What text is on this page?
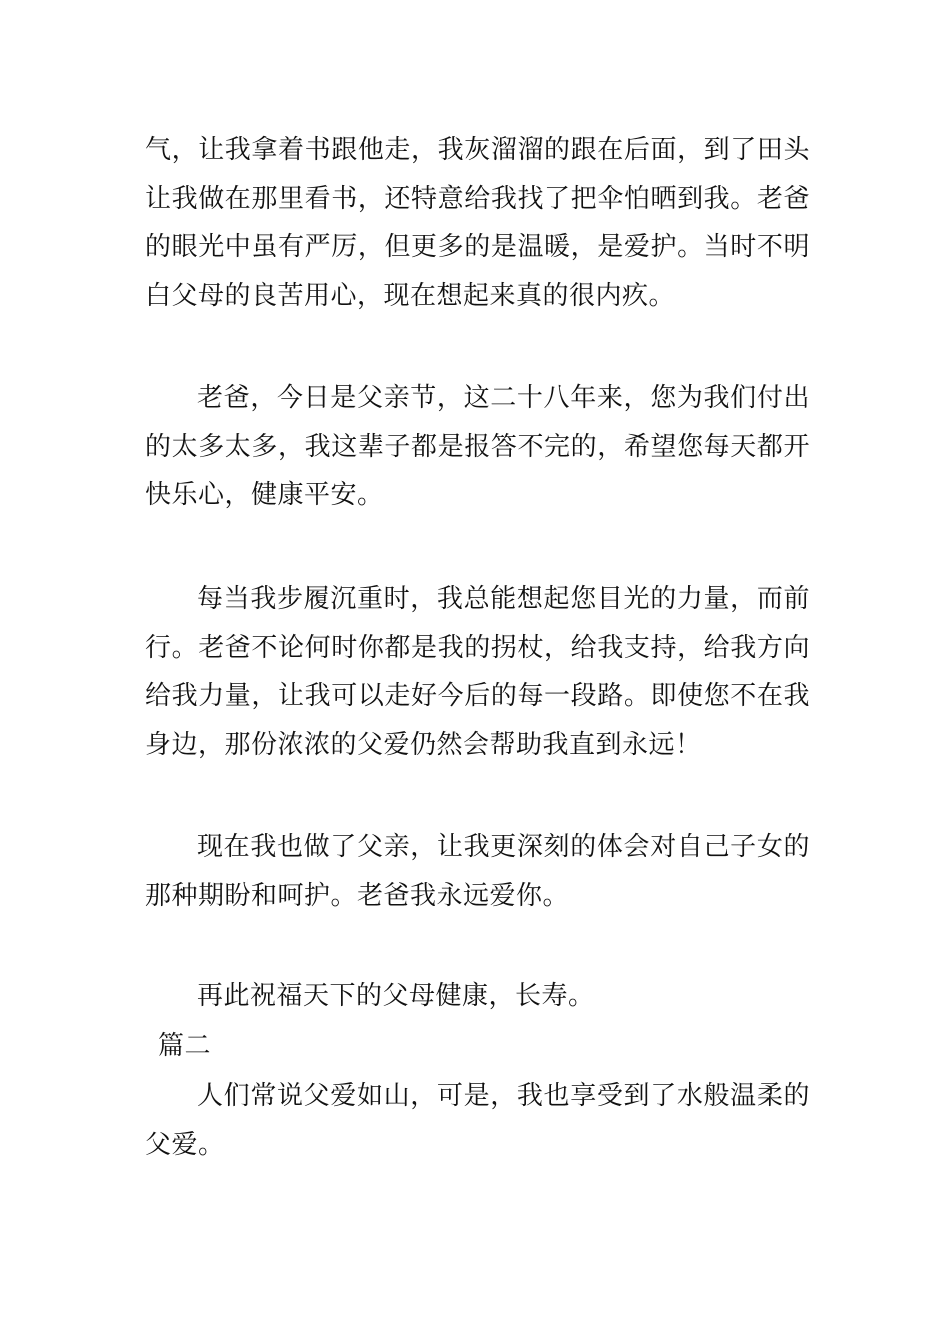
气，让我拿着书跟他走，我灰溜溜的跟在后面，到了田头让我做在那里看书，还特意给我找了把伞怕晒到我。老爸的眼光中虽有严厉，但更多的是温暖，是爱护。当时不明白父母的良苦用心，现在想起来真的很内疚。

老爸，今日是父亲节，这二十八年来，您为我们付出的太多太多，我这辈子都是报答不完的，希望您每天都开快乐心，健康平安。

每当我步履沉重时，我总能想起您目光的力量，而前行。老爸不论何时你都是我的拐杖，给我支持，给我方向给我力量，让我可以走好今后的每一段路。即使您不在我身边，那份浓浓的父爱仍然会帮助我直到永远！

现在我也做了父亲，让我更深刻的体会对自己子女的那种期盼和呵护。老爸我永远爱你。

再此祝福天下的父母健康，长寿。

篇二

人们常说父爱如山，可是，我也享受到了水般温柔的父爱。
